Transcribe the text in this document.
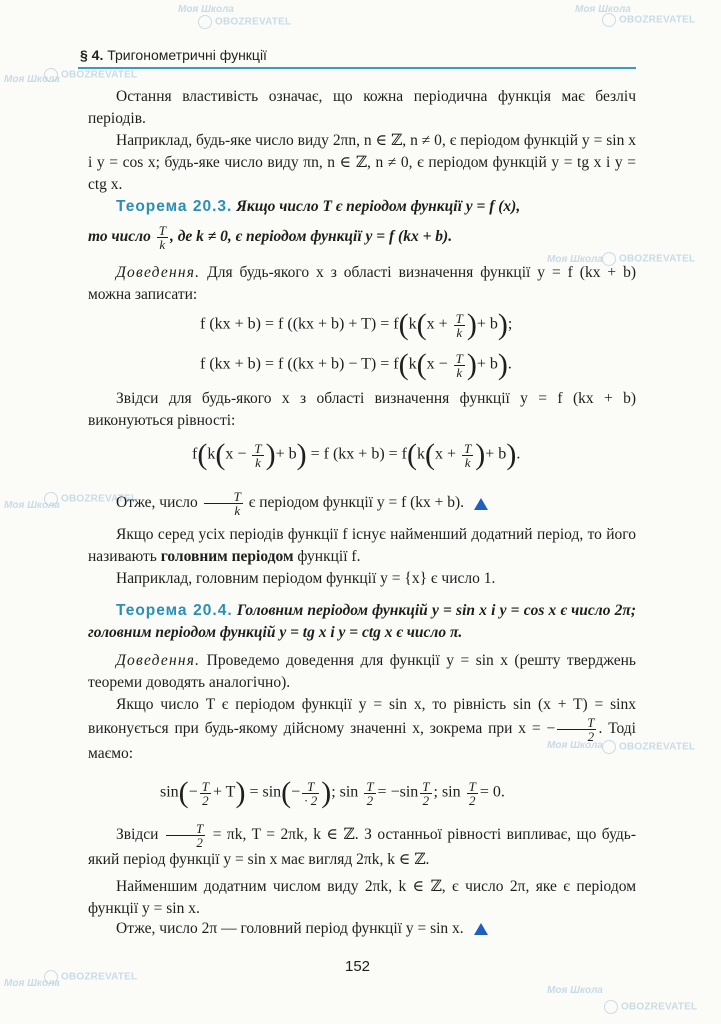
Моя Школа
OBOZREVATEL
Моя Школа
OBOZREVATEL
Моя Школа OBOZREVATEL
Моя Школа	OBOZREVATEL
Моя Школа
OBOZREVATEL
Моя Школа	OBOZREVATEL
Моя Школа
OBOZREVATEL
Моя Школа
OBOZREVATEL
§ 4. Тригонометричні функції
Остання властивість означає, що кожна періодична функція має безліч періодів.
Наприклад, будь-яке число виду 2πn, n ∈ ℤ, n ≠ 0, є періодом функцій y = sin x і y = cos x; будь-яке число виду πn, n ∈ ℤ, n ≠ 0, є періодом функцій y = tg x і y = ctg x.
Теорема 20.3. Якщо число T є періодом функції y = f (x),
то число $\frac{T}{k}$ , де k ≠ 0, є періодом функції y = f (kx + b).
Доведення. Для будь-якого x з області визначення функції y = f (kx + b) можна записати:
f (kx + b) = f $((kx + b) + T) = f(k(x + \frac{T}{k}$ )+ b);
f (kx + b) = f $((kx + b) - T) = f(k(x - \frac{T}{k}$ )+ b).
Звідси для будь-якого x з області визначення функції y = f (kx + b) виконуються рівності:
$f(k(x - \frac{T}{k}$ )+ b) = f $(kx + b) = f(k(x + \frac{T}{k}$ )+ b).
Отже, число $\frac{T}{k}$ є періодом функції y = f (kx + b).
Якщо серед усіх періодів функції f існує найменший додатний період, то його називають головним періодом функції f.
Наприклад, головним періодом функції y = {x} є число 1.
Теорема 20.4. Головним періодом функцій y = sin x і y = cos x є число 2π; головним періодом функцій y = tg x і y = ctg x є число π.
Доведення. Проведемо доведення для функції y = sin x (решту тверджень теореми доводять аналогічно).
Якщо число T є періодом функції y = sin x, то рівність sin (x + T) = sinx виконується при будь-якому дійсному значенні x, зокрема при x = − $\frac{T}{2}$ . Тоді маємо:
$\sin(- \frac{T}{2} + T) = \sin(- \frac{T}{\cdot 2}$ ); $\sin \frac{T}{2} = -\sin \frac{T}{2}$ ; $\sin \frac{T}{2} = 0$.
Звідси $\frac{T}{2} = \pi k$, T = 2πk, k ∈ ℤ. З останньої рівності випливає, що будь-який період функції y = sin x має вигляд 2πk, k ∈ ℤ.
Найменшим додатним числом виду 2πk, k ∈ ℤ, є число 2π, яке є періодом функції y = sin x.
Отже, число 2π — головний період функції y = sin x.
152
